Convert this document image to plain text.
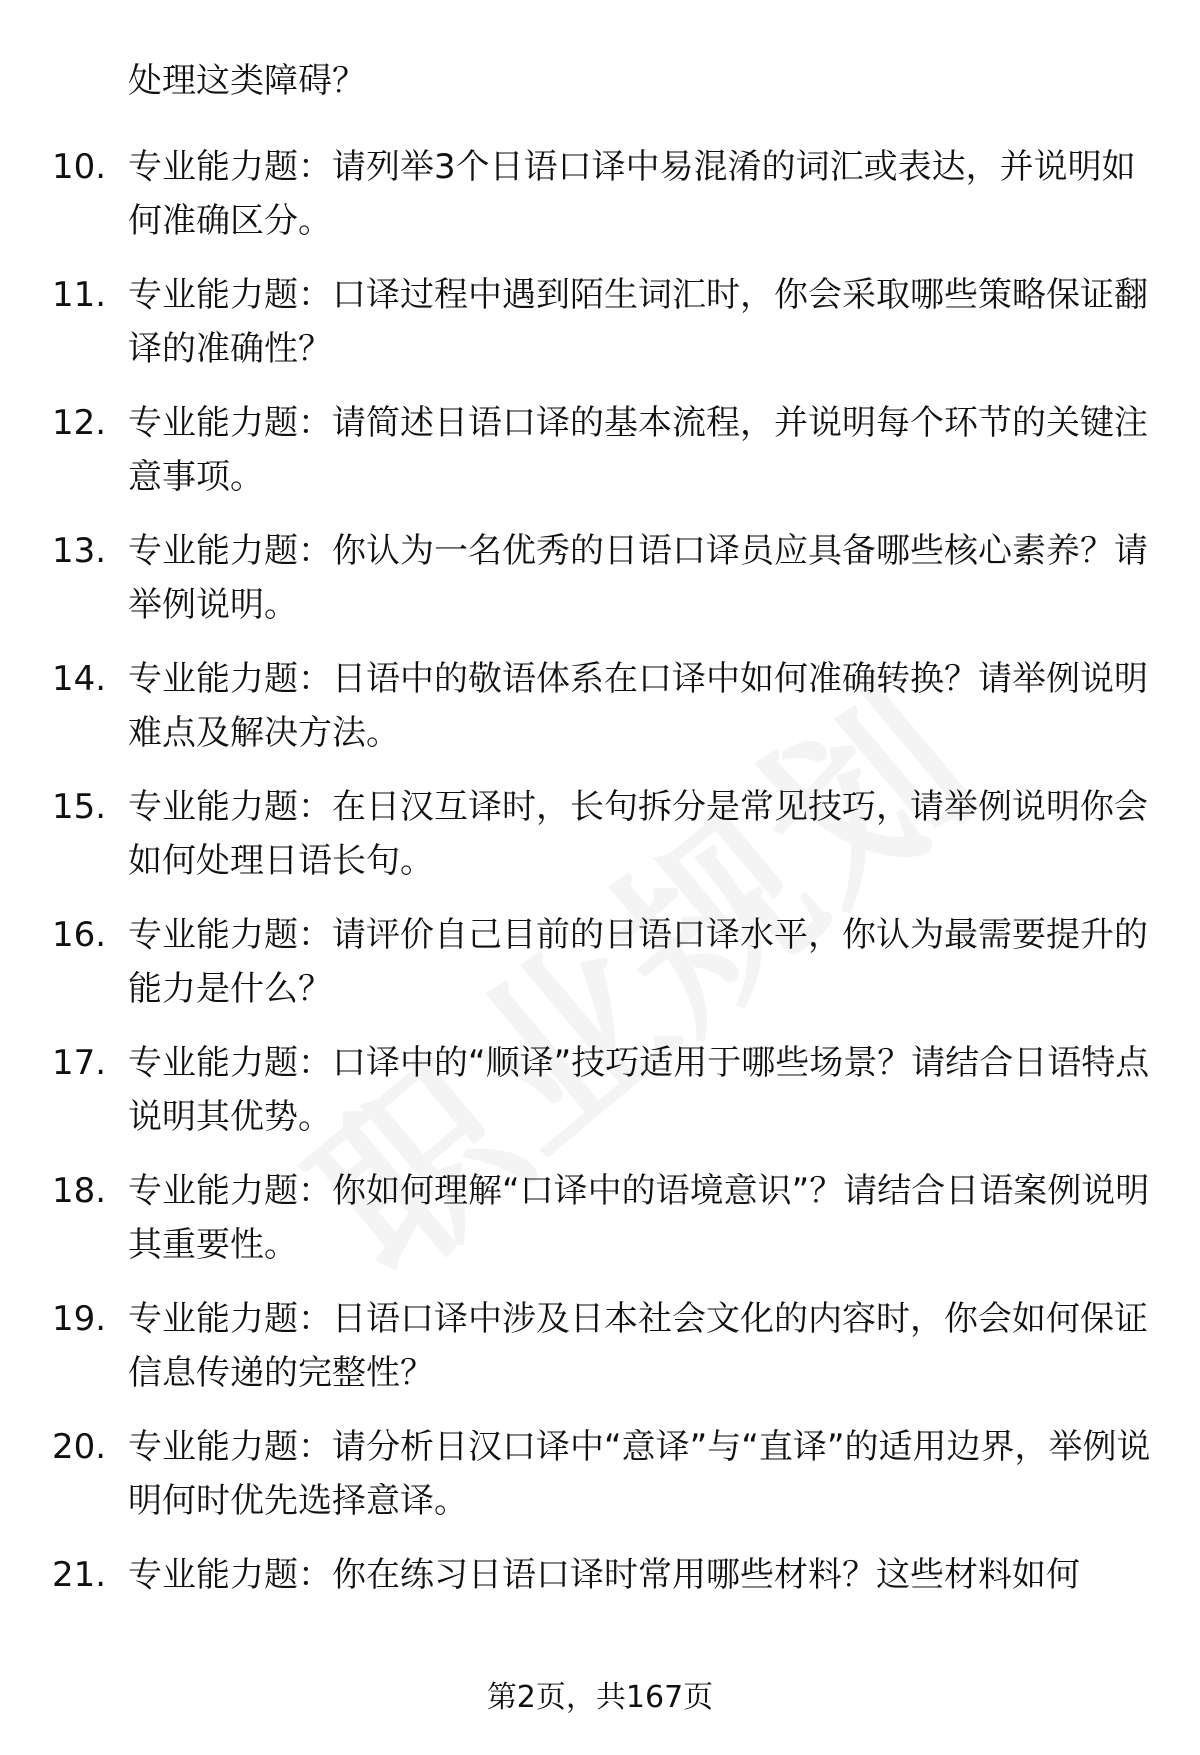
处理这类障碍？
10. 专业能力题：请列举3个日语口译中易混淆的词汇或表达，并说明如何准确区分。
11. 专业能力题：口译过程中遇到陌生词汇时，你会采取哪些策略保证翻译的准确性？
12. 专业能力题：请简述日语口译的基本流程，并说明每个环节的关键注意事项。
13. 专业能力题：你认为一名优秀的日语口译员应具备哪些核心素养？请举例说明。
14. 专业能力题：日语中的敬语体系在口译中如何准确转换？请举例说明难点及解决方法。
15. 专业能力题：在日汉互译时，长句拆分是常见技巧，请举例说明你会如何处理日语长句。
16. 专业能力题：请评价自己目前的日语口译水平，你认为最需要提升的能力是什么？
17. 专业能力题：口译中的“顺译”技巧适用于哪些场景？请结合日语特点说明其优势。
18. 专业能力题：你如何理解“口译中的语境意识”？请结合日语案例说明其重要性。
19. 专业能力题：日语口译中涉及日本社会文化的内容时，你会如何保证信息传递的完整性？
20. 专业能力题：请分析日汉口译中“意译”与“直译”的适用边界，举例说明何时优先选择意译。
21. 专业能力题：你在练习日语口译时常用哪些材料？这些材料如何
第2页，共167页
